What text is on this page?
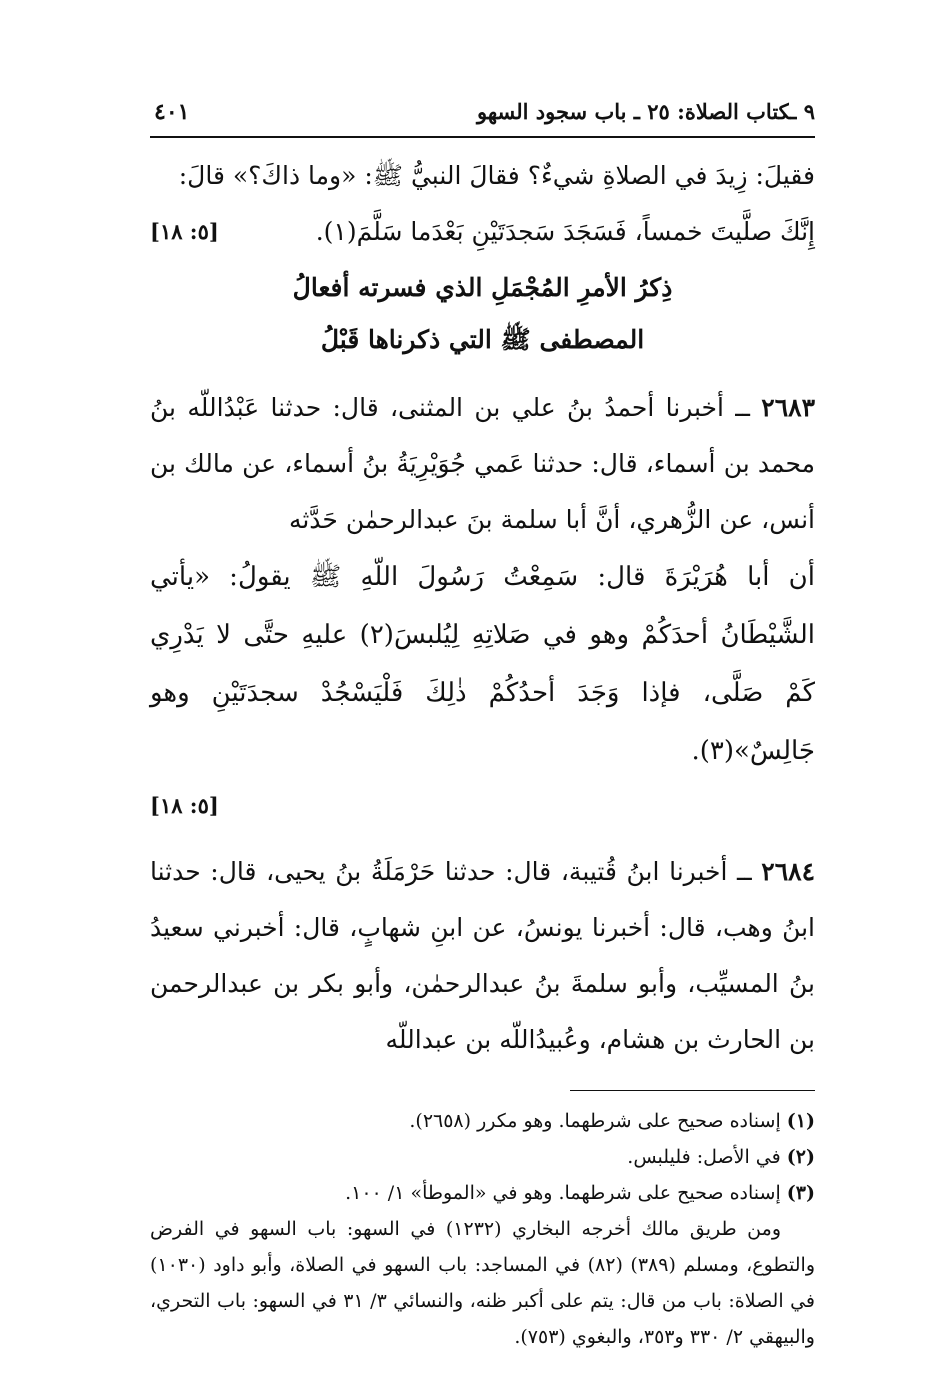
٩ ـكتاب الصلاة: ٢٥ ـ باب سجود السهو
٤٠١

فقيلَ: زِيدَ في الصلاةِ شيءٌ؟ فقالَ النبيُّ ﷺ: «وما ذاكَ؟» قالَ:

إِنَّكَ صلَّيتَ خمساً، فَسَجَدَ سَجدَتَيْنِ بَعْدَما سَلَّمَ(١).
[٥: ١٨]

ذِكرُ الأمرِ المُجْمَلِ الذي فسرته أفعالُ
المصطفى ﷺ التي ذكرناها قَبْلُ

٢٦٨٣ ــ أخبرنا أحمدُ بنُ علي بن المثنى، قال: حدثنا عَبْدُاللّه بنُ محمد بن أسماء، قال: حدثنا عَمي جُوَيْرِيَةُ بنُ أسماء، عن مالك بن أنس، عن الزُّهري، أنَّ أبا سلمة بنَ عبدالرحمٰن حَدَّثه

أن أبا هُرَيْرَةَ قال: سَمِعْتُ رَسُولَ اللّهِ ﷺ يقولُ: «يأتي الشَّيْطَانُ أحدَكُمْ وهو في صَلاتِهِ لِيُلبسَ(٢) عليهِ حتَّى لا يَدْرِي كَمْ صَلَّى، فإذا وَجَدَ أحدُكُمْ ذٰلِكَ فَلْيَسْجُدْ سجدَتَيْنِ وهو جَالِسٌ»(٣).

[٥: ١٨]

٢٦٨٤ ــ أخبرنا ابنُ قُتيبة، قال: حدثنا حَرْمَلَةُ بنُ يحيى، قال: حدثنا ابنُ وهب، قال: أخبرنا يونسُ، عن ابنِ شهابٍ، قال: أخبرني سعيدُ بنُ المسيِّب، وأبو سلمةَ بنُ عبدالرحمٰن، وأبو بكر بن عبدالرحمن بن الحارث بن هشام، وعُبيدُاللّه بن عبداللّه

(١) إسناده صحيح على شرطهما. وهو مكرر (٢٦٥٨).

(٢) في الأصل: فليلبس.

(٣) إسناده صحيح على شرطهما. وهو في «الموطأ» ١/ ١٠٠.

ومن طريق مالك أخرجه البخاري (١٢٣٢) في السهو: باب السهو في الفرض والتطوع، ومسلم (٣٨٩) (٨٢) في المساجد: باب السهو في الصلاة، وأبو داود (١٠٣٠) في الصلاة: باب من قال: يتم على أكبر ظنه، والنسائي ٣/ ٣١ في السهو: باب التحري، والبيهقي ٢/ ٣٣٠ و٣٥٣، والبغوي (٧٥٣).
